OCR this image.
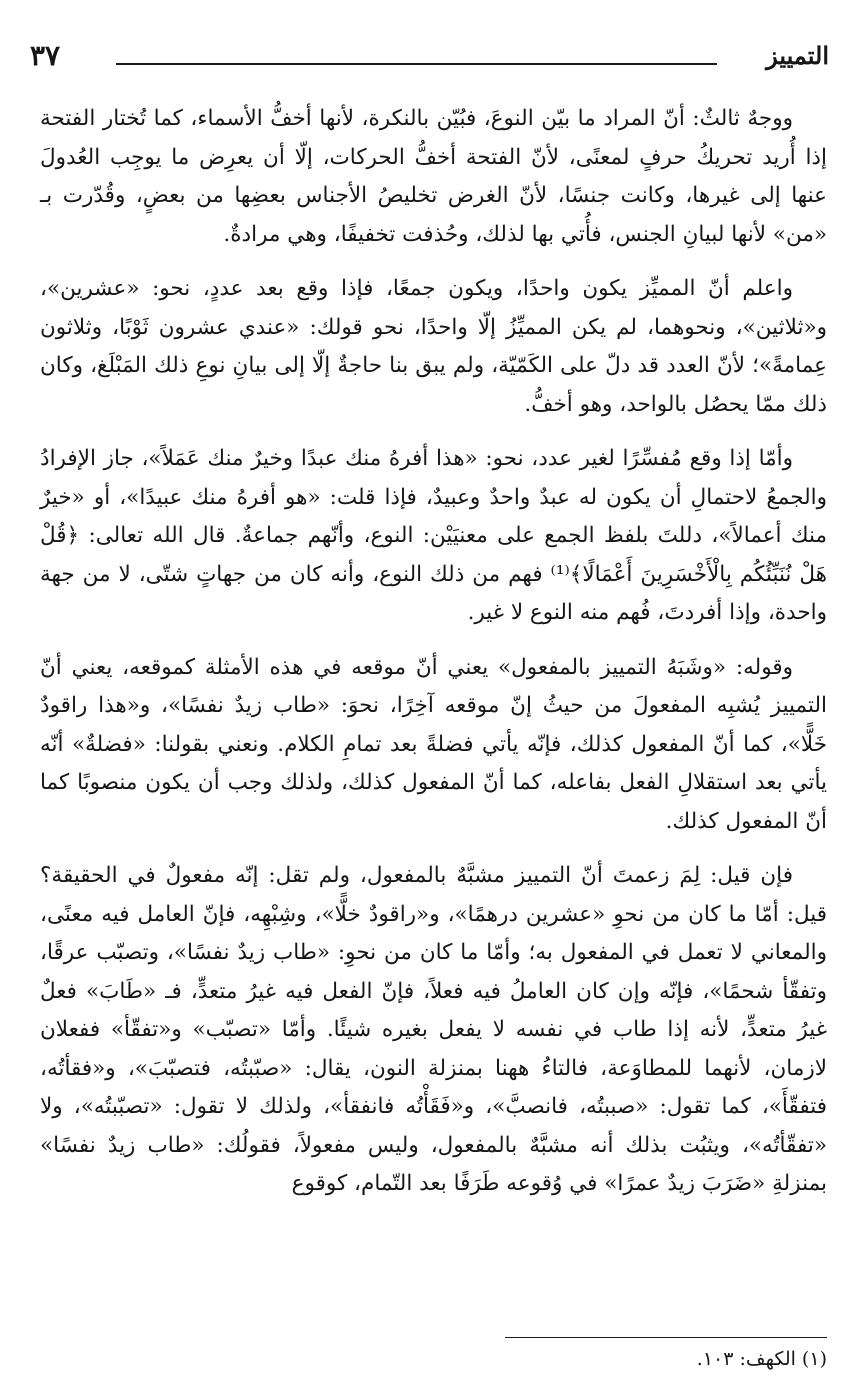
التمييز
٣٧

ووجهٌ ثالثٌ: أنّ المراد ما بيّن النوعَ، فبُيّن بالنكرة، لأنها أخفُّ الأسماء، كما تُختار الفتحة إذا أُريد تحريكُ حرفٍ لمعنًى، لأنّ الفتحة أخفُّ الحركات، إلّا أن يعرِض ما يوجِب العُدولَ عنها إلى غيرها، وكانت جنسًا، لأنّ الغرض تخليصُ الأجناس بعضِها من بعضٍ، وقُدّرت بـ «من» لأنها لبيانِ الجنس، فأُتي بها لذلك، وحُذفت تخفيفًا، وهي مرادةٌ.

واعلم أنّ المميِّز يكون واحدًا، ويكون جمعًا، فإذا وقع بعد عددٍ، نحو: «عشرين»، و«ثلاثين»، ونحوهما، لم يكن المميِّزُ إلّا واحدًا، نحو قولك: «عندي عشرون ثَوْبًا، وثلاثون عِمامةً»؛ لأنّ العدد قد دلّ على الكَمّيّة، ولم يبق بنا حاجةٌ إلّا إلى بيانِ نوعِ ذلك المَبْلَغ، وكان ذلك ممّا يحصُل بالواحد، وهو أخفُّ.

وأمّا إذا وقع مُفسِّرًا لغير عدد، نحو: «هذا أفرهُ منك عبدًا وخيرٌ منك عَمَلاً»، جاز الإفرادُ والجمعُ لاحتمالِ أن يكون له عبدٌ واحدٌ وعبيدٌ، فإذا قلت: «هو أفرهُ منك عبيدًا»، أو «خيرٌ منك أعمالاً»، دللتَ بلفظ الجمع على معنيَيْن: النوع، وأنّهم جماعةٌ. قال الله تعالى: ﴿قُلْ هَلْ نُنَبِّئُكُم بِالْأَخْسَرِينَ أَعْمَالًا﴾⁽¹⁾ فهم من ذلك النوع، وأنه كان من جهاتٍ شتّى، لا من جهة واحدة، وإذا أفردتَ، فُهم منه النوع لا غير.

وقوله: «وشَبَهُ التمييز بالمفعول» يعني أنّ موقعه في هذه الأمثلة كموقعه، يعني أنّ التمييز يُشبِه المفعولَ من حيثُ إنّ موقعه آخِرًا، نحوَ: «طاب زيدٌ نفسًا»، و«هذا راقودٌ خَلًّا»، كما أنّ المفعول كذلك، فإنّه يأتي فضلةً بعد تمامِ الكلام. ونعني بقولنا: «فضلةٌ» أنّه يأتي بعد استقلالِ الفعل بفاعله، كما أنّ المفعول كذلك، ولذلك وجب أن يكون منصوبًا كما أنّ المفعول كذلك.

فإن قيل: لِمَ زعمتَ أنّ التمييز مشبَّهٌ بالمفعول، ولم تقل: إنّه مفعولٌ في الحقيقة؟ قيل: أمّا ما كان من نحوِ «عشرين درهمًا»، و«راقودٌ خلًّا»، وشِبْهِه، فإنّ العامل فيه معنًى، والمعاني لا تعمل في المفعول به؛ وأمّا ما كان من نحوِ: «طاب زيدٌ نفسًا»، وتصبّب عرقًا، وتفقّأ شحمًا»، فإنّه وإن كان العاملُ فيه فعلاً، فإنّ الفعل فيه غيرُ متعدٍّ، فـ «طَابَ» فعلٌ غيرُ متعدٍّ، لأنه إذا طاب في نفسه لا يفعل بغيره شيئًا. وأمّا «تصبّب» و«تفقّأ» ففعلان لازمان، لأنهما للمطاوَعة، فالتاءُ ههنا بمنزلة النون، يقال: «صبّبتُه، فتصبّبَ»، و«فقأتُه، فتفقّأَ»، كما تقول: «صببتُه، فانصبَّ»، و«فَقَأْتُه فانفقأ»، ولذلك لا تقول: «تصبّبتُه»، ولا «تفقّأتُه»، ويثبُت بذلك أنه مشبَّهٌ بالمفعول، وليس مفعولاً، فقولُك: «طاب زيدٌ نفسًا» بمنزلةِ «ضَرَبَ زيدٌ عمرًا» في وُقوعه طَرَفًا بعد التّمام، كوقوع

(١) الكهف: ١٠٣.
